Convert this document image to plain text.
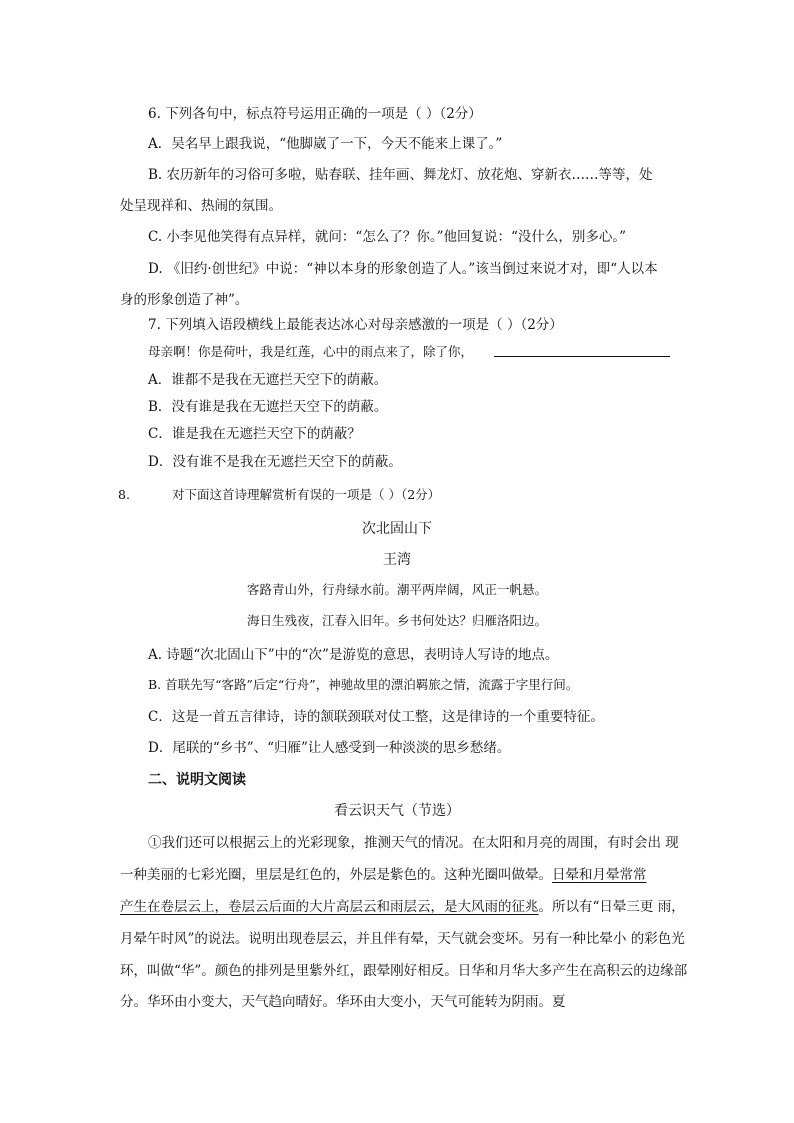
6. 下列各句中，标点符号运用正确的一项是（ ）（2分）
A．吴名早上跟我说，“他脚崴了一下，今天不能来上课了。”
B. 农历新年的习俗可多啦，贴春联、挂年画、舞龙灯、放花炮、穿新衣……等等，处
处呈现祥和、热闹的氛围。
C. 小李见他笑得有点异样，就问：“怎么了？你。”他回复说：“没什么，别多心。”
D. 《旧约·创世纪》中说：“神以本身的形象创造了人。”该当倒过来说才对，即“人以本
身的形象创造了神”。
7. 下列填入语段横线上最能表达冰心对母亲感激的一项是（ ）（2分）
母亲啊！你是荷叶，我是红莲，心中的雨点来了，除了你，
A．谁都不是我在无遮拦天空下的荫蔽。
B．没有谁是我在无遮拦天空下的荫蔽。
C．谁是我在无遮拦天空下的荫蔽？
D．没有谁不是我在无遮拦天空下的荫蔽。
8.	对下面这首诗理解赏析有误的一项是（ ）（2分）
次北固山下
王湾
客路青山外，行舟绿水前。潮平两岸阔，风正一帆悬。
海日生残夜，江春入旧年。乡书何处达？归雁洛阳边。
A. 诗题“次北固山下”中的“次”是游览的意思，表明诗人写诗的地点。
B. 首联先写“客路”后定“行舟”，神驰故里的漂泊羁旅之情，流露于字里行间。
C．这是一首五言律诗，诗的颔联颈联对仗工整，这是律诗的一个重要特征。
D．尾联的“乡书”、“归雁”让人感受到一种淡淡的思乡愁绪。
二、说明文阅读
看云识天气（节选）
①我们还可以根据云上的光彩现象，推测天气的情况。在太阳和月亮的周围，有时会出 现
一种美丽的七彩光圈，里层是红色的，外层是紫色的。这种光圈叫做晕。日晕和月晕常常
产生在卷层云上，卷层云后面的大片高层云和雨层云，是大风雨的征兆。所以有“日晕三更 雨，
月晕午时风”的说法。说明出现卷层云，并且伴有晕，天气就会变坏。另有一种比晕小 的彩色光
环，叫做“华”。颜色的排列是里紫外红，跟晕刚好相反。日华和月华大多产生在高积云的边缘部
分。华环由小变大，天气趋向晴好。华环由大变小，天气可能转为阴雨。夏
